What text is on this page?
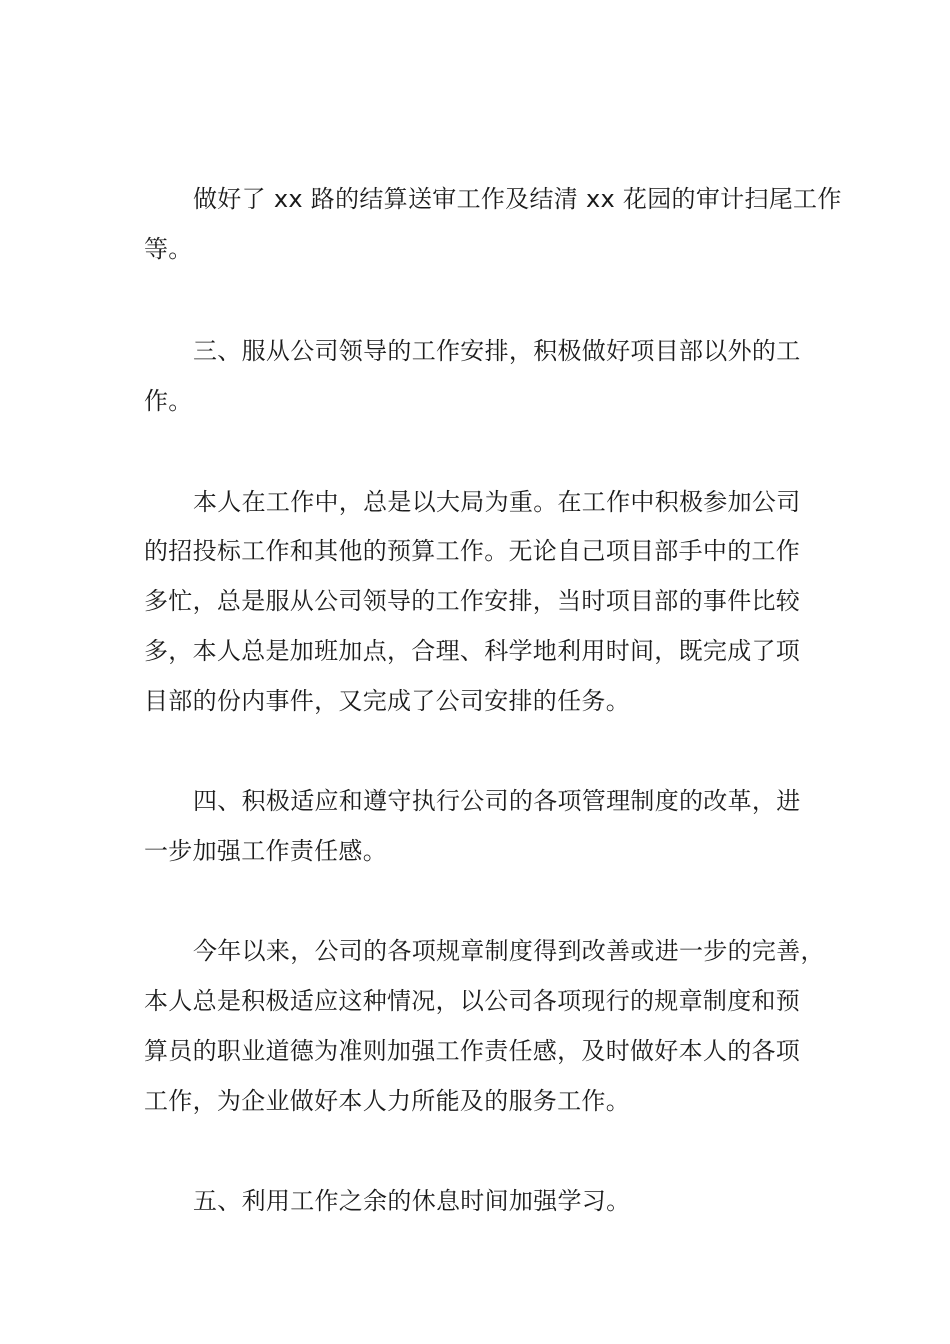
做好了 xx 路的结算送审工作及结清 xx 花园的审计扫尾工作
等。
三、服从公司领导的工作安排，积极做好项目部以外的工
作。
本人在工作中，总是以大局为重。在工作中积极参加公司
的招投标工作和其他的预算工作。无论自己项目部手中的工作
多忙，总是服从公司领导的工作安排，当时项目部的事件比较
多，本人总是加班加点，合理、科学地利用时间，既完成了项
目部的份内事件，又完成了公司安排的任务。
四、积极适应和遵守执行公司的各项管理制度的改革，进
一步加强工作责任感。
今年以来，公司的各项规章制度得到改善或进一步的完善，
本人总是积极适应这种情况，以公司各项现行的规章制度和预
算员的职业道德为准则加强工作责任感，及时做好本人的各项
工作，为企业做好本人力所能及的服务工作。
五、利用工作之余的休息时间加强学习。
